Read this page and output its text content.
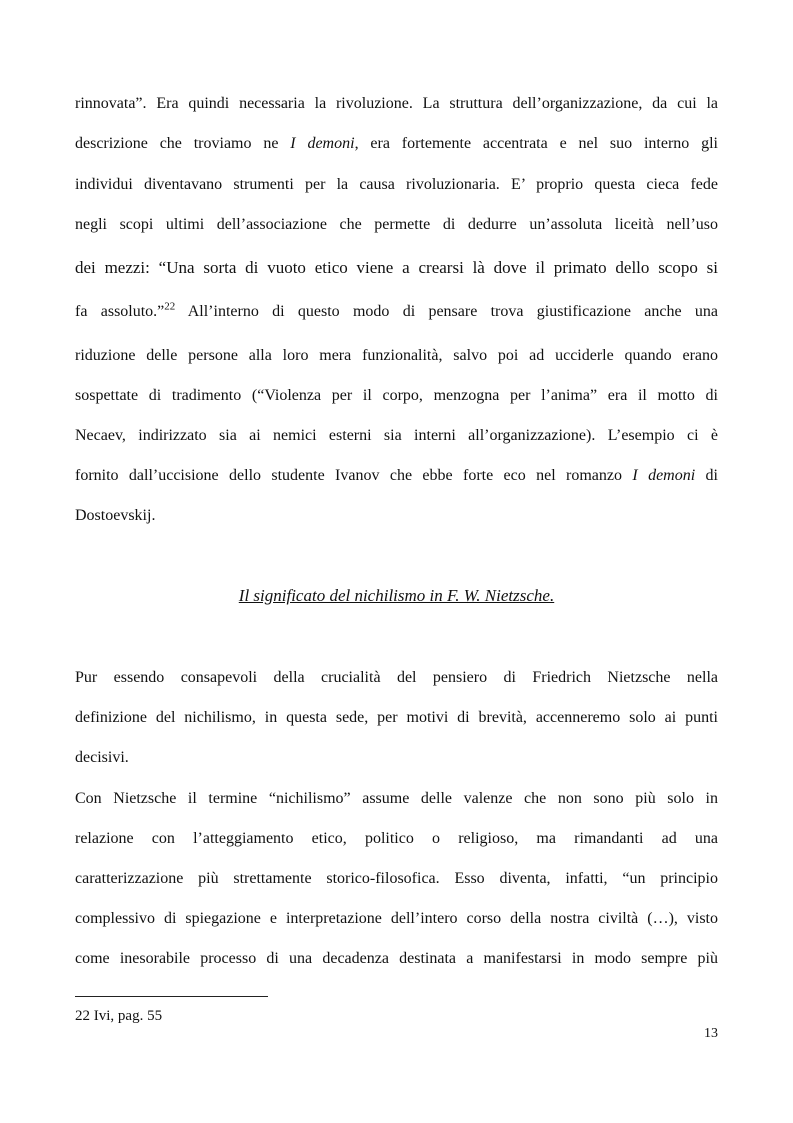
rinnovata”. Era quindi necessaria la rivoluzione. La struttura dell’organizzazione, da cui la
descrizione che troviamo ne I demoni, era fortemente accentrata e nel suo interno gli
individui diventavano strumenti per la causa rivoluzionaria. E’ proprio questa cieca fede
negli scopi ultimi dell’associazione che permette di dedurre un’assoluta liceità nell’uso
dei mezzi: “Una sorta di vuoto etico viene a crearsi là dove il primato dello scopo si
fa assoluto.”$^{22}$ All’interno di questo modo di pensare trova giustificazione anche una
riduzione delle persone alla loro mera funzionalità, salvo poi ad ucciderle quando erano
sospettate di tradimento (“Violenza per il corpo, menzogna per l’anima” era il motto di
Necaev, indirizzato sia ai nemici esterni sia interni all’organizzazione). L’esempio ci è
fornito dall’uccisione dello studente Ivanov che ebbe forte eco nel romanzo I demoni di
Dostoevskij.
Il significato del nichilismo in F. W. Nietzsche.
Pur essendo consapevoli della crucialità del pensiero di Friedrich Nietzsche nella
definizione del nichilismo, in questa sede, per motivi di brevità, accenneremo solo ai punti
decisivi.
Con Nietzsche il termine “nichilismo” assume delle valenze che non sono più solo in
relazione con l’atteggiamento etico, politico o religioso, ma rimandanti ad una
caratterizzazione più strettamente storico-filosofica. Esso diventa, infatti, “un principio
complessivo di spiegazione e interpretazione dell’intero corso della nostra civiltà (…), visto
come inesorabile processo di una decadenza destinata a manifestarsi in modo sempre più
22 Ivi, pag. 55
13
